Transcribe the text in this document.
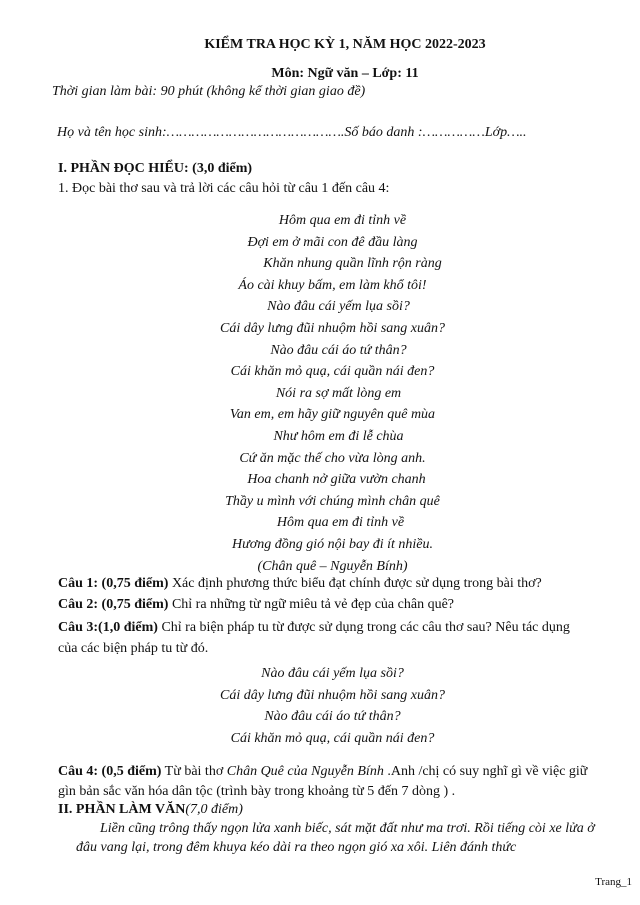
KIỂM TRA HỌC KỲ 1, NĂM HỌC 2022-2023
Môn: Ngữ văn – Lớp: 11
Thời gian làm bài: 90 phút (không kể thời gian giao đề)
Họ và tên học sinh:…………………………………….Số báo danh :……………Lớp…..
I. PHẦN ĐỌC HIỂU: (3,0 điểm)
1. Đọc bài thơ sau và trả lời các câu hỏi từ câu 1 đến câu 4:
Hôm qua em đi tỉnh về
Đợi em ở mãi con đê đầu làng
Khăn nhung quần lĩnh rộn ràng
Áo cài khuy bấm, em làm khổ tôi!
Nào đâu cái yếm lụa sồi?
Cái dây lưng đũi nhuộm hồi sang xuân?
Nào đâu cái áo tứ thân?
Cái khăn mỏ quạ, cái quần nái đen?
Nói ra sợ mất lòng em
Van em, em hãy giữ nguyên quê mùa
Như hôm em đi lễ chùa
Cứ ăn mặc thế cho vừa lòng anh.
Hoa chanh nở giữa vườn chanh
Thầy u mình với chúng mình chân quê
Hôm qua em đi tỉnh về
Hương đồng gió nội bay đi ít nhiều.
(Chân quê – Nguyễn Bính)
Câu 1: (0,75 điểm) Xác định phương thức biểu đạt chính được sử dụng trong bài thơ?
Câu 2: (0,75 điểm) Chỉ ra những từ ngữ miêu tả vẻ đẹp của chân quê?
Câu 3:(1,0 điểm) Chỉ ra biện pháp tu từ được sử dụng trong các câu thơ sau? Nêu tác dụng của các biện pháp tu từ đó.
Nào đâu cái yếm lụa sồi?
Cái dây lưng đũi nhuộm hồi sang xuân?
Nào đâu cái áo tứ thân?
Cái khăn mỏ quạ, cái quần nái đen?
Câu 4: (0,5 điểm) Từ bài thơ Chân Quê của Nguyễn Bính .Anh /chị có suy nghĩ gì về việc giữ gìn bản sắc văn hóa dân tộc (trình bày trong khoảng từ 5 đến 7 dòng ) .
II. PHẦN LÀM VĂN(7,0 điểm)
Liền cũng trông thấy ngọn lửa xanh biếc, sát mặt đất như ma trơi. Rồi tiếng còi xe lửa ở đâu vang lại, trong đêm khuya kéo dài ra theo ngọn gió xa xôi. Liên đánh thức
Trang_1
